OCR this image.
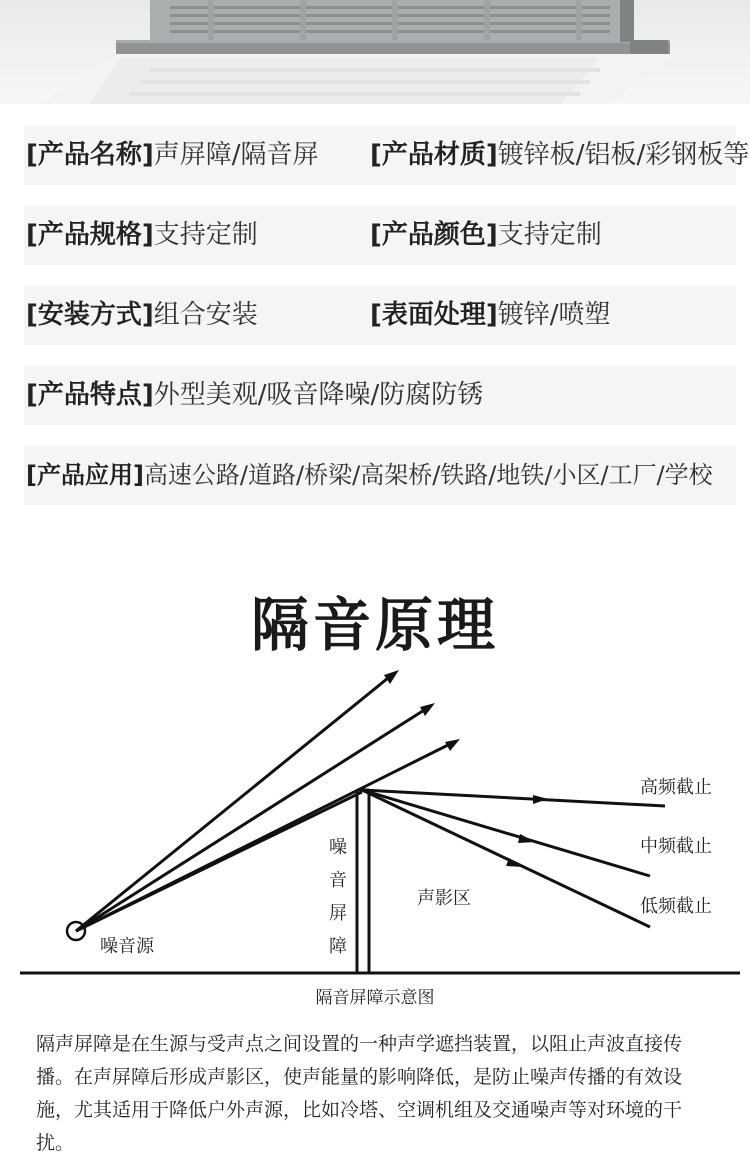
[产品名称]声屏障/隔音屏 [产品材质]镀锌板/铝板/彩钢板等
[产品规格]支持定制	[产品颜色]支持定制
[安装方式]组合安装	[表面处理]镀锌/喷塑
[产品特点]外型美观/吸音降噪/防腐防锈
[产品应用]高速公路/道路/桥梁/高架桥/铁路/地铁/小区/工厂/学校
隔音原理
高频截止
中频截止
低频截止
声影区
噪音源
噪
音
屏
障
隔音屏障示意图
隔声屏障是在生源与受声点之间设置的一种声学遮挡装置，以阻止声波直接传播。在声屏障后形成声影区，使声能量的影响降低，是防止噪声传播的有效设施，尤其适用于降低户外声源，比如冷塔、空调机组及交通噪声等对环境的干扰。
